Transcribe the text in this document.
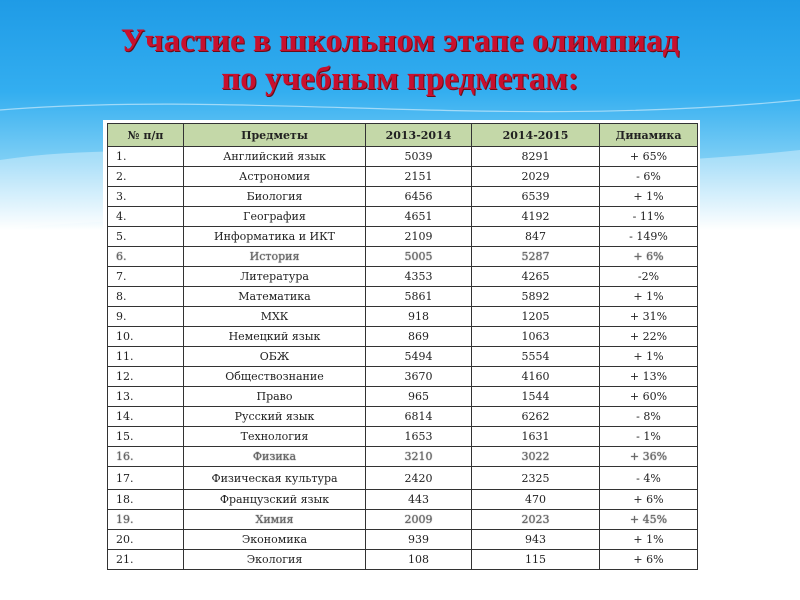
Участие в школьном этапе олимпиад
по учебным предметам:
№ п/п	Предметы	2013-2014	2014-2015	Динамика
1.	Английский язык	5039	8291	+ 65%
2.	Астрономия	2151	2029	- 6%
3.	Биология	6456	6539	+ 1%
4.	География	4651	4192	- 11%
5.	Информатика и ИКТ	2109	847	- 149%
6.	История	5005	5287	+ 6%
7.	Литература	4353	4265	-2%
8.	Математика	5861	5892	+ 1%
9.	МХК	918	1205	+ 31%
10.	Немецкий язык	869	1063	+ 22%
11.	ОБЖ	5494	5554	+ 1%
12.	Обществознание	3670	4160	+ 13%
13.	Право	965	1544	+ 60%
14.	Русский язык	6814	6262	- 8%
15.	Технология	1653	1631	- 1%
16.	Физика	3210	3022	+ 36%
17.	Физическая культура	2420	2325	- 4%
18.	Французский язык	443	470	+ 6%
19.	Химия	2009	2023	+ 45%
20.	Экономика	939	943	+ 1%
21.	Экология	108	115	+ 6%
